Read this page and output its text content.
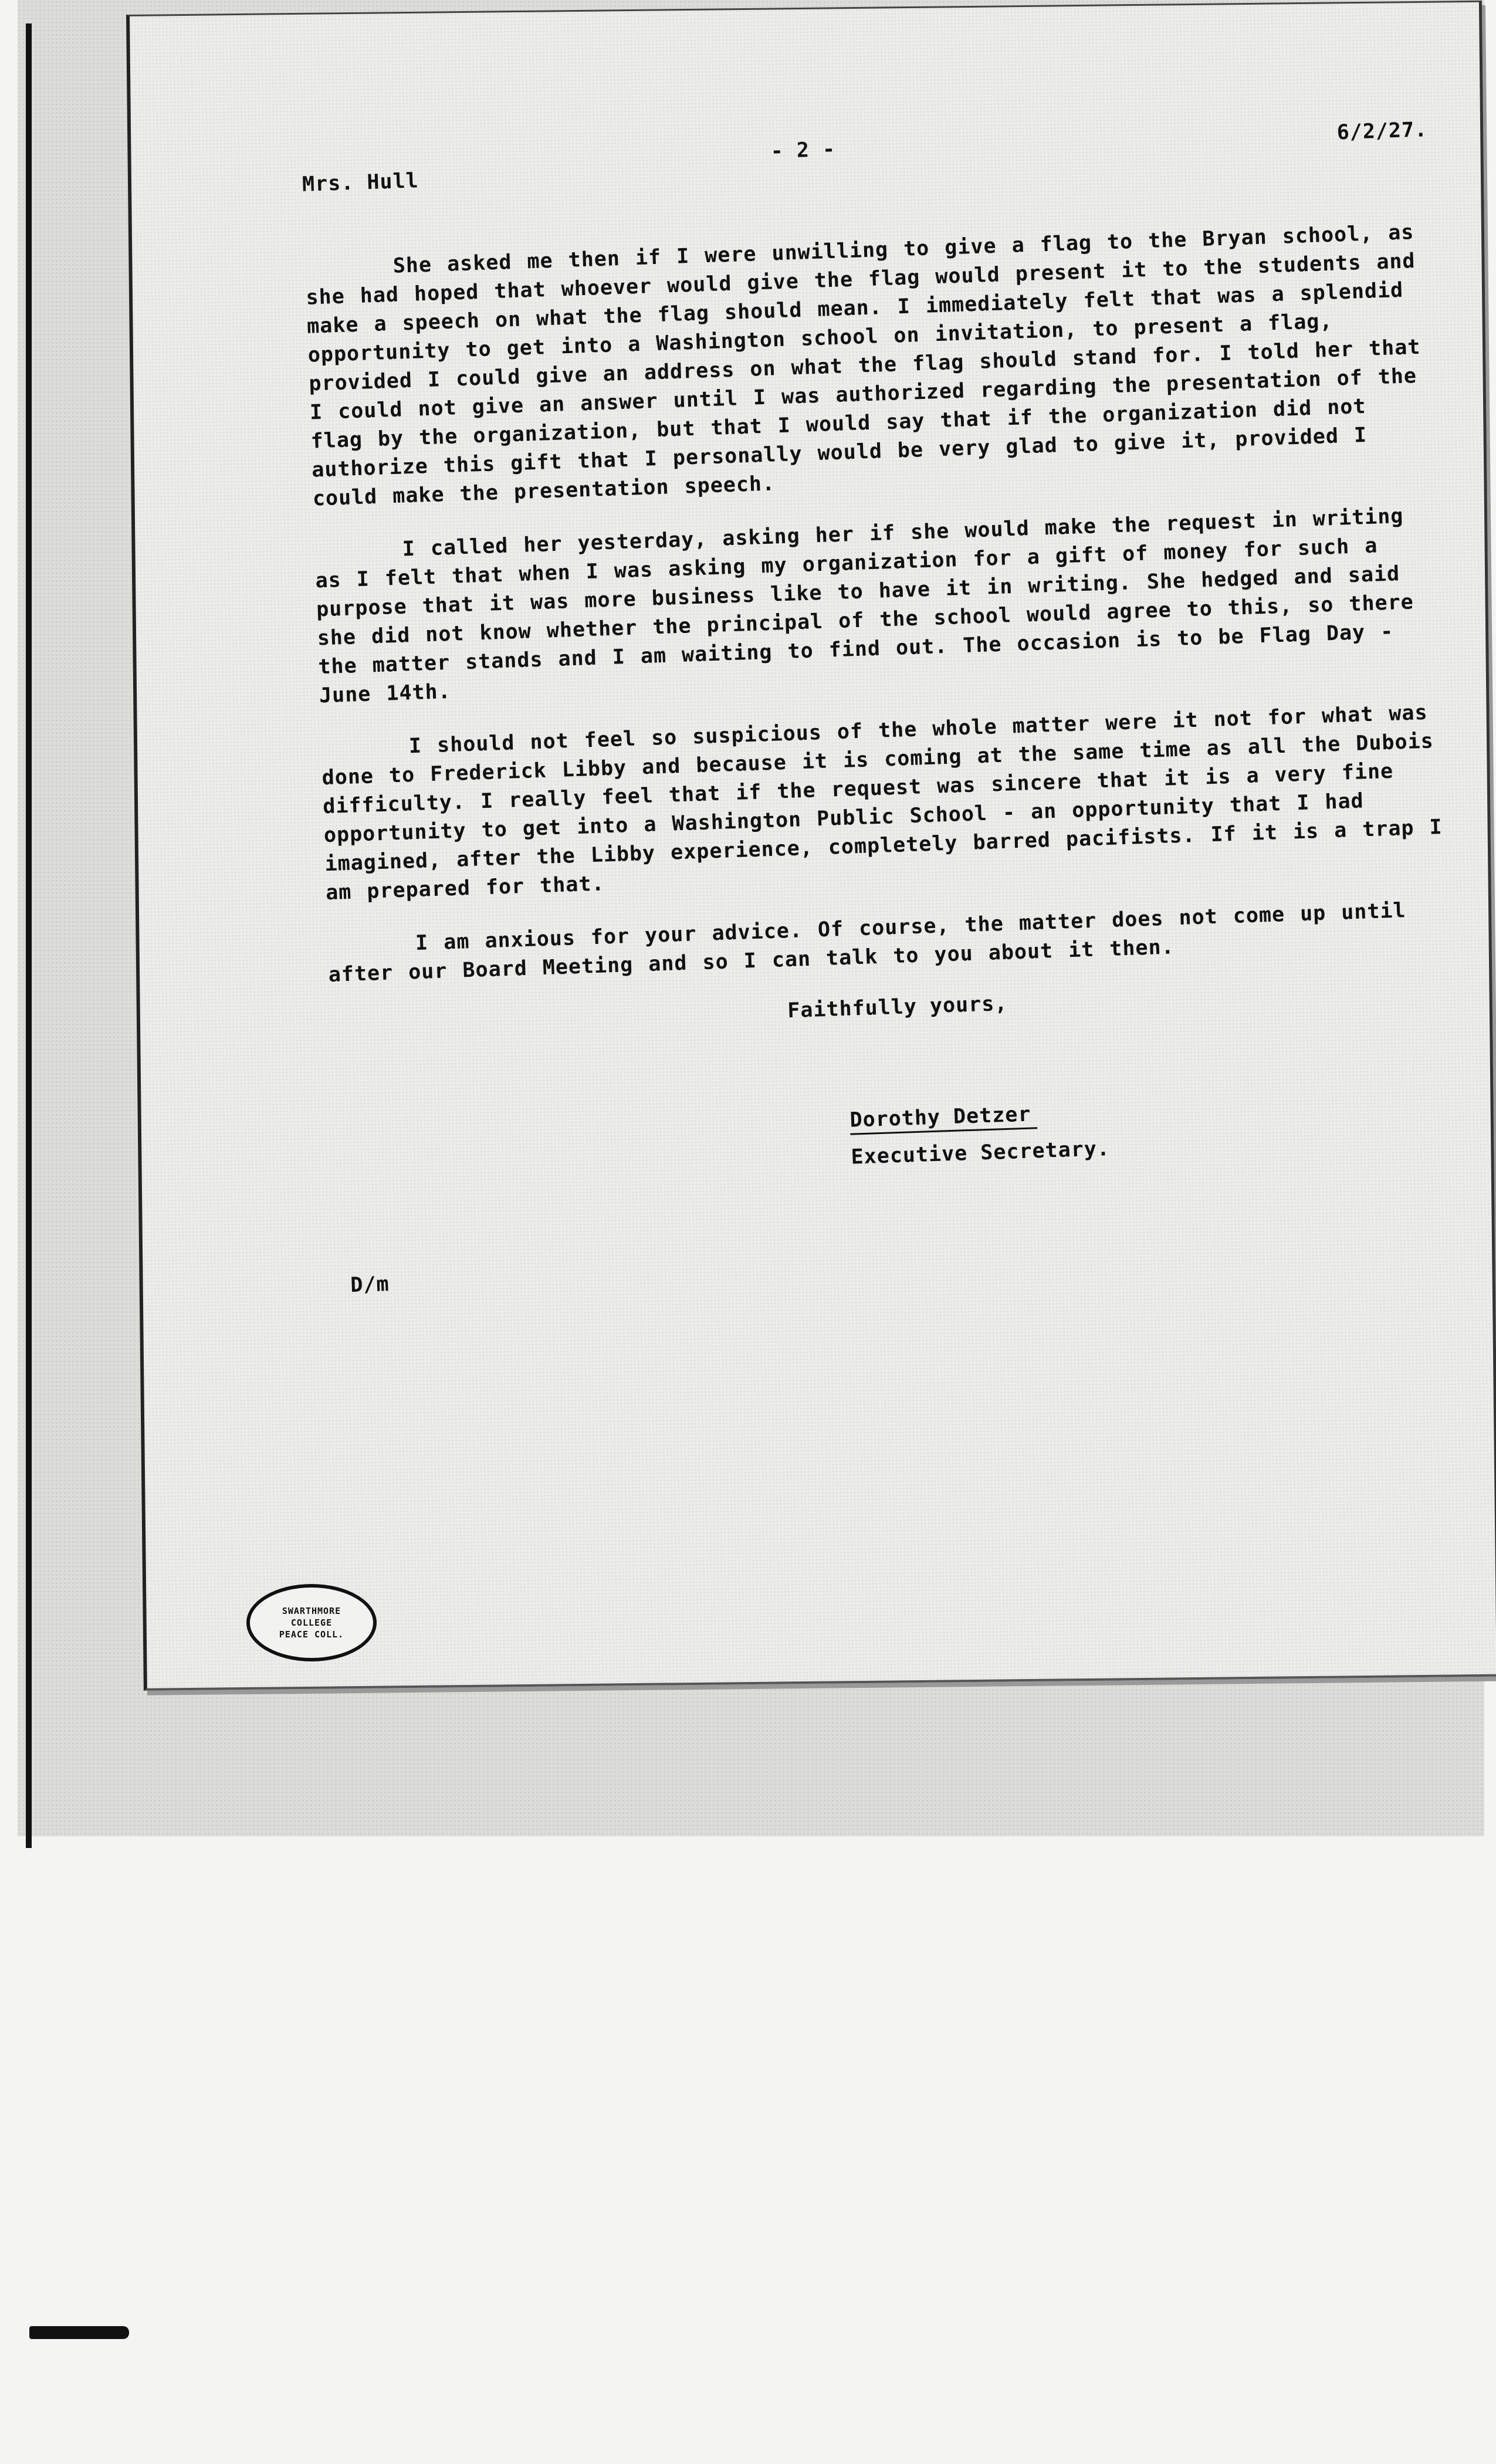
Mrs. Hull
- 2 -
6/2/27.

She asked me then if I were unwilling to give a flag to the Bryan school, as she had hoped that whoever would give the flag would present it to the students and make a speech on what the flag should mean. I immediately felt that was a splendid opportunity to get into a Washington school on invitation, to present a flag, provided I could give an address on what the flag should stand for. I told her that I could not give an answer until I was authorized regarding the presentation of the flag by the organization, but that I would say that if the organization did not authorize this gift that I personally would be very glad to give it, provided I could make the presentation speech.

I called her yesterday, asking her if she would make the request in writing as I felt that when I was asking my organization for a gift of money for such a purpose that it was more business like to have it in writing. She hedged and said she did not know whether the principal of the school would agree to this, so there the matter stands and I am waiting to find out. The occasion is to be Flag Day - June 14th.

I should not feel so suspicious of the whole matter were it not for what was done to Frederick Libby and because it is coming at the same time as all the Dubois difficulty. I really feel that if the request was sincere that it is a very fine opportunity to get into a Washington Public School - an opportunity that I had imagined, after the Libby experience, completely barred pacifists. If it is a trap I am prepared for that.

I am anxious for your advice. Of course, the matter does not come up until after our Board Meeting and so I can talk to you about it then.

Faithfully yours,
Dorothy Detzer
Executive Secretary.
D/m
SWARTHMORE
COLLEGE
PEACE COLL.
